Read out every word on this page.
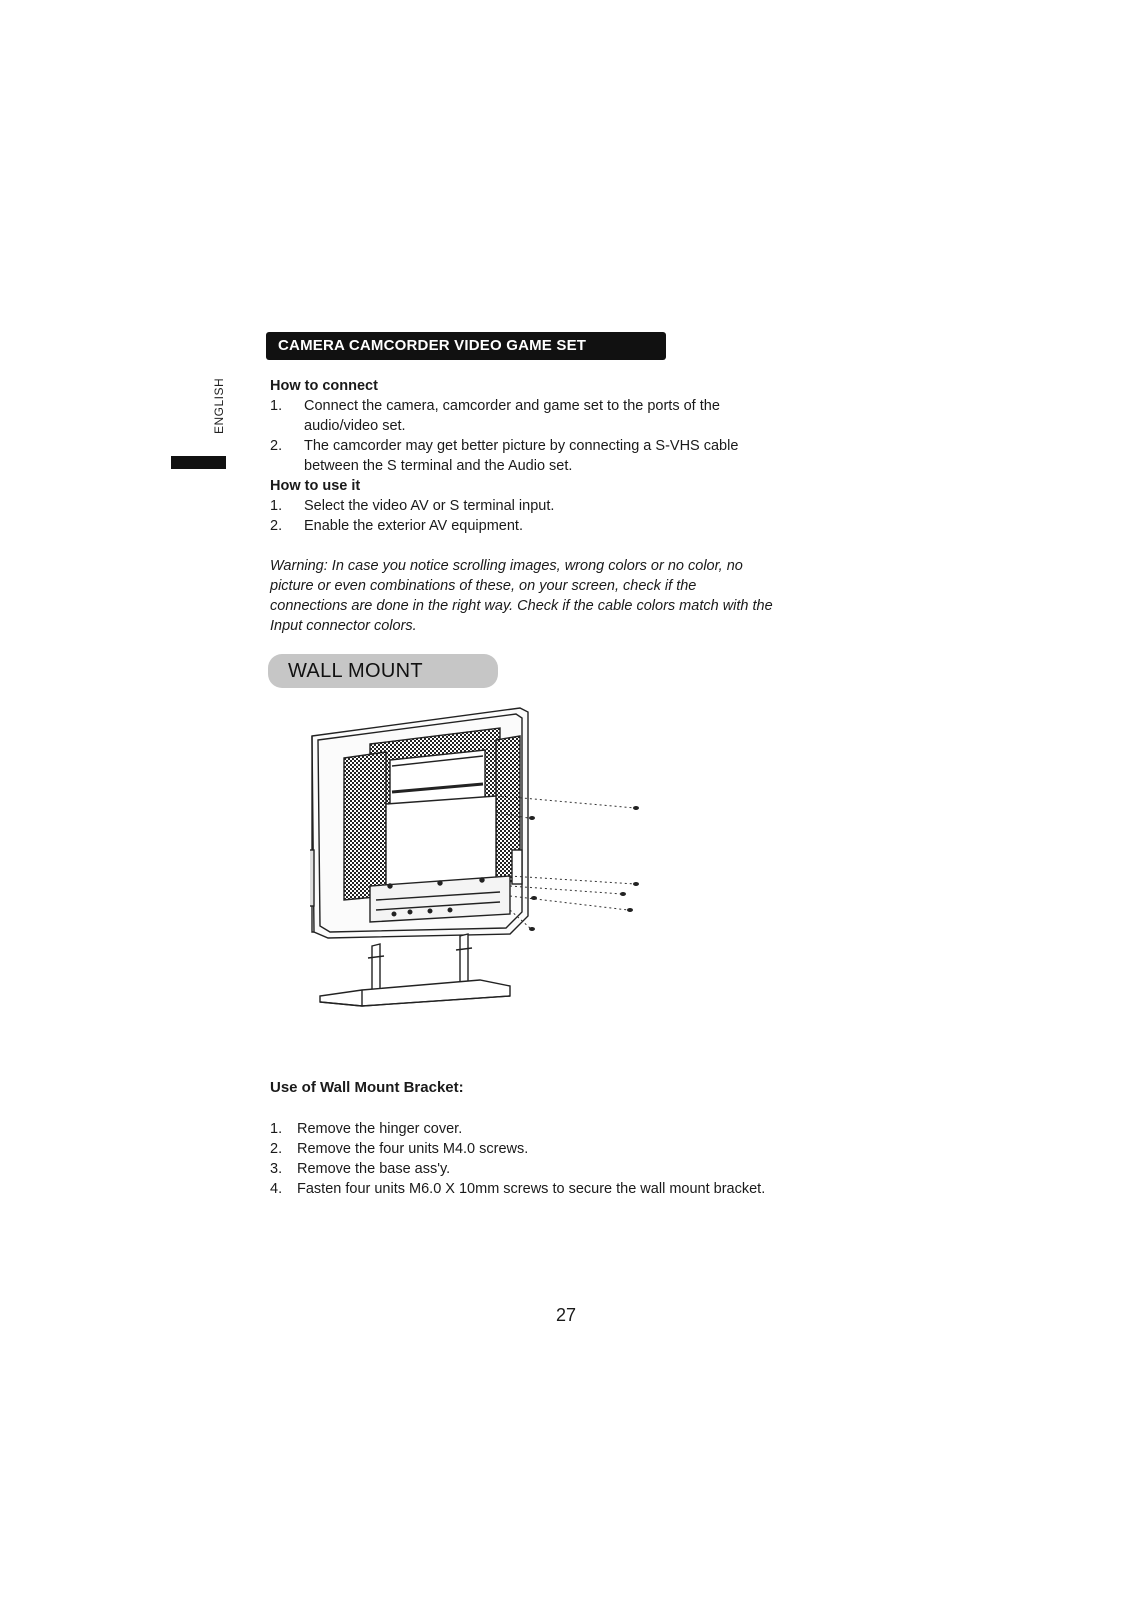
ENGLISH
CAMERA CAMCORDER VIDEO GAME SET

How to connect

1. Connect the camera, camcorder and game set to the ports of the
audio/video set.
2. The camcorder may get better picture by connecting a S-VHS cable
between the S terminal and the Audio set.

How to use it

1. Select the video AV or S terminal input.
2. Enable the exterior AV equipment.
Warning: In case you notice scrolling images, wrong colors or no color, no
picture or even combinations of these, on your screen, check if the
connections are done in the right way. Check if the cable colors match with the
Input connector colors.
WALL MOUNT
Use of Wall Mount Bracket:
1. Remove the hinger cover.
2. Remove the four units M4.0 screws.
3. Remove the base ass'y.
4. Fasten four units M6.0 X 10mm screws to secure the wall mount bracket.
27
